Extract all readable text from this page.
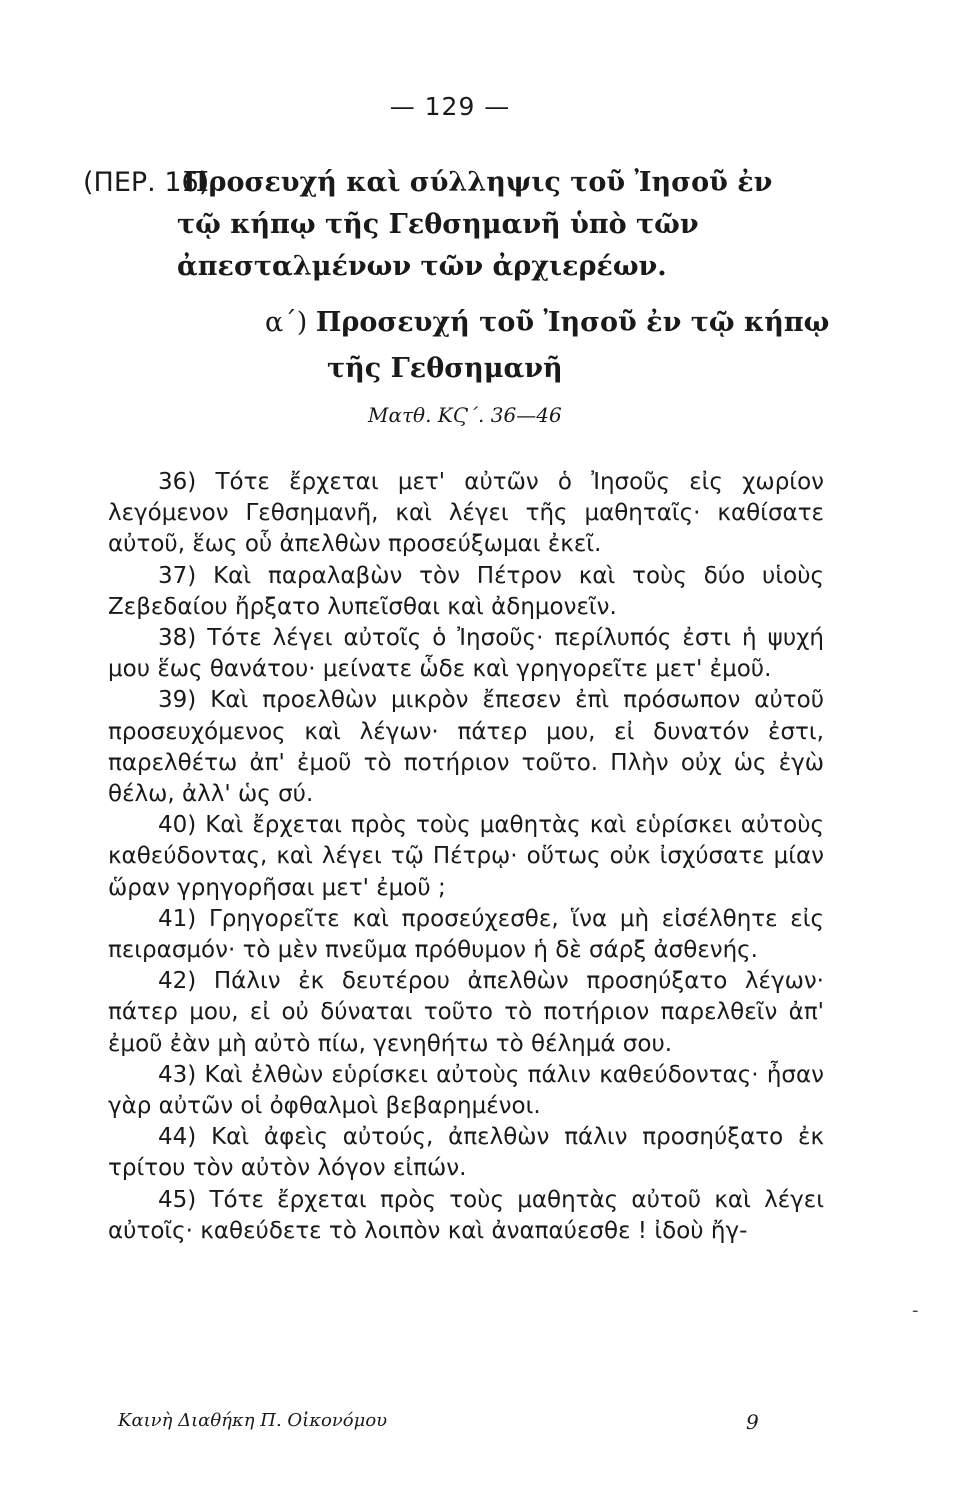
— 129 —
(ΠΕΡ. 16)
Προσευχή καὶ σύλληψις τοῦ Ἰησοῦ ἐν
τῷ κήπῳ τῆς Γεθσημανῆ ὑπὸ τῶν
ἀπεσταλμένων τῶν ἀρχιερέων.
α΄) Προσευχή τοῦ Ἰησοῦ ἐν τῷ κήπῳ
τῆς Γεθσημανῆ
Ματθ. ΚϚ΄. 36—46

36) Τότε ἔρχεται μετ' αὐτῶν ὁ Ἰησοῦς εἰς χωρίον λεγόμενον Γεθσημανῆ, καὶ λέγει τῆς μαθηταῖς· καθίσατε αὐτοῦ, ἕως οὗ ἀπελθὼν προσεύξωμαι ἐκεῖ.

37) Καὶ παραλαβὼν τὸν Πέτρον καὶ τοὺς δύο υἱοὺς Ζεβεδαίου ἤρξατο λυπεῖσθαι καὶ ἀδημονεῖν.

38) Τότε λέγει αὐτοῖς ὁ Ἰησοῦς· περίλυπός ἐστι ἡ ψυχή μου ἕως θανάτου· μείνατε ὧδε καὶ γρηγορεῖτε μετ' ἐμοῦ.

39) Καὶ προελθὼν μικρὸν ἔπεσεν ἐπὶ πρόσωπον αὐτοῦ προσευχόμενος καὶ λέγων· πάτερ μου, εἰ δυνατόν ἐστι, παρελθέτω ἀπ' ἐμοῦ τὸ ποτήριον τοῦτο. Πλὴν οὐχ ὡς ἐγὼ θέλω, ἀλλ' ὡς σύ.

40) Καὶ ἔρχεται πρὸς τοὺς μαθητὰς καὶ εὑρίσκει αὐτοὺς καθεύδοντας, καὶ λέγει τῷ Πέτρῳ· οὕτως οὐκ ἰσχύσατε μίαν ὥραν γρηγορῆσαι μετ' ἐμοῦ ;

41) Γρηγορεῖτε καὶ προσεύχεσθε, ἵνα μὴ εἰσέλθητε εἰς πειρασμόν· τὸ μὲν πνεῦμα πρόθυμον ἡ δὲ σάρξ ἀσθενής.

42) Πάλιν ἐκ δευτέρου ἀπελθὼν προσηύξατο λέγων· πάτερ μου, εἰ οὐ δύναται τοῦτο τὸ ποτήριον παρελθεῖν ἀπ' ἐμοῦ ἐὰν μὴ αὐτὸ πίω, γενηθήτω τὸ θέλημά σου.

43) Καὶ ἐλθὼν εὑρίσκει αὐτοὺς πάλιν καθεύδοντας· ἦσαν γὰρ αὐτῶν οἱ ὀφθαλμοὶ βεβαρημένοι.

44) Καὶ ἀφεὶς αὐτούς, ἀπελθὼν πάλιν προσηύξατο ἐκ τρίτου τὸν αὐτὸν λόγον εἰπών.

45) Τότε ἔρχεται πρὸς τοὺς μαθητὰς αὐτοῦ καὶ λέγει αὐτοῖς· καθεύδετε τὸ λοιπὸν καὶ ἀναπαύεσθε ! ἰδοὺ ἤγ-

-
Καινὴ Διαθήκη Π. Οἰκονόμου	9
